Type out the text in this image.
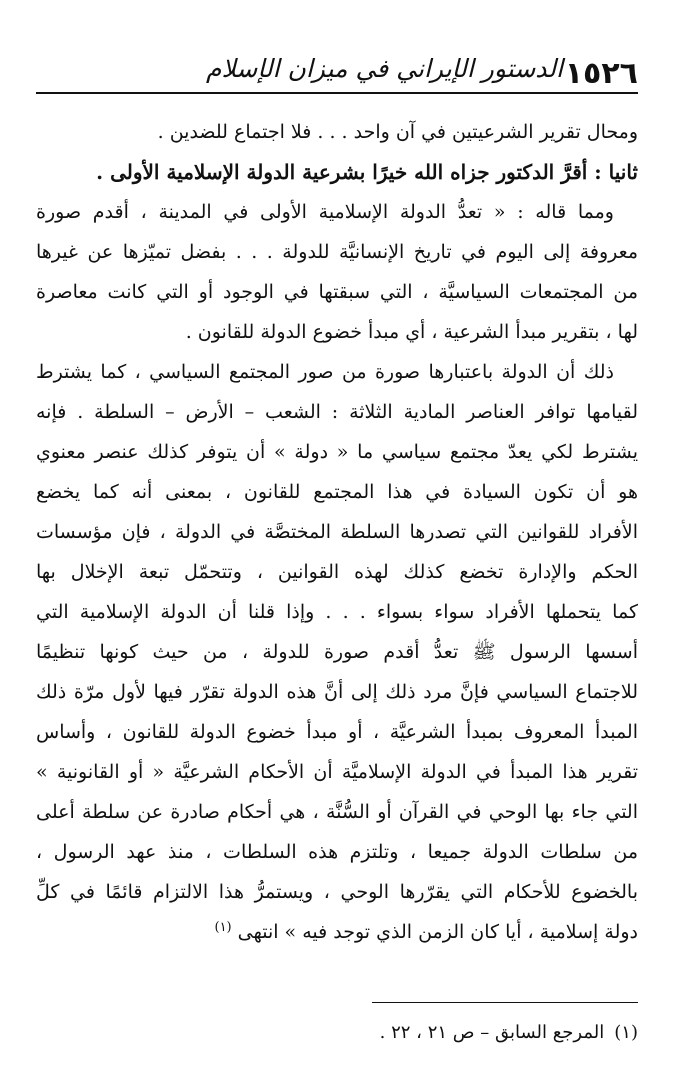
١٥٢٦
الدستور الإيراني في ميزان الإسلام
ومحال تقرير الشرعيتين في آن واحد . . . فلا اجتماع للضدين .
ثانيا : أقرَّ الدكتور جزاه الله خيرًا بشرعية الدولة الإسلامية الأولى .
ومما قاله : « تعدُّ الدولة الإسلامية الأولى في المدينة ، أقدم صورة
معروفة إلى اليوم في تاريخ الإنسانيَّة للدولة . . . بفضل تميّزها عن غيرها
من المجتمعات السياسيَّة ، التي سبقتها في الوجود أو التي كانت معاصرة
لها ، بتقرير مبدأ الشرعية ، أي مبدأ خضوع الدولة للقانون .
ذلك أن الدولة باعتبارها صورة من صور المجتمع السياسي ، كما يشترط
لقيامها توافر العناصر المادية الثلاثة : الشعب – الأرض – السلطة . فإنه
يشترط لكي يعدّ مجتمع سياسي ما « دولة » أن يتوفر كذلك عنصر معنوي
هو أن تكون السيادة في هذا المجتمع للقانون ، بمعنى أنه كما يخضع
الأفراد للقوانين التي تصدرها السلطة المختصَّة في الدولة ، فإن مؤسسات
الحكم والإدارة تخضع كذلك لهذه القوانين ، وتتحمّل تبعة الإخلال بها
كما يتحملها الأفراد سواء بسواء . . . وإذا قلنا أن الدولة الإسلامية التي
أسسها الرسول ﷺ تعدُّ أقدم صورة للدولة ، من حيث كونها تنظيمًا
للاجتماع السياسي فإنَّ مرد ذلك إلى أنَّ هذه الدولة تقرّر فيها لأول مرّة ذلك
المبدأ المعروف بمبدأ الشرعيَّة ، أو مبدأ خضوع الدولة للقانون ، وأساس
تقرير هذا المبدأ في الدولة الإسلاميَّة أن الأحكام الشرعيَّة « أو القانونية »
التي جاء بها الوحي في القرآن أو السُّنَّة ، هي أحكام صادرة عن سلطة أعلى
من سلطات الدولة جميعا ، وتلتزم هذه السلطات ، منذ عهد الرسول ،
بالخضوع للأحكام التي يقرّرها الوحي ، ويستمرُّ هذا الالتزام قائمًا في كلِّ
دولة إسلامية ، أيا كان الزمن الذي توجد فيه » انتهى$^{(١)}$
(١)المرجع السابق – ص ٢١ ، ٢٢ .
